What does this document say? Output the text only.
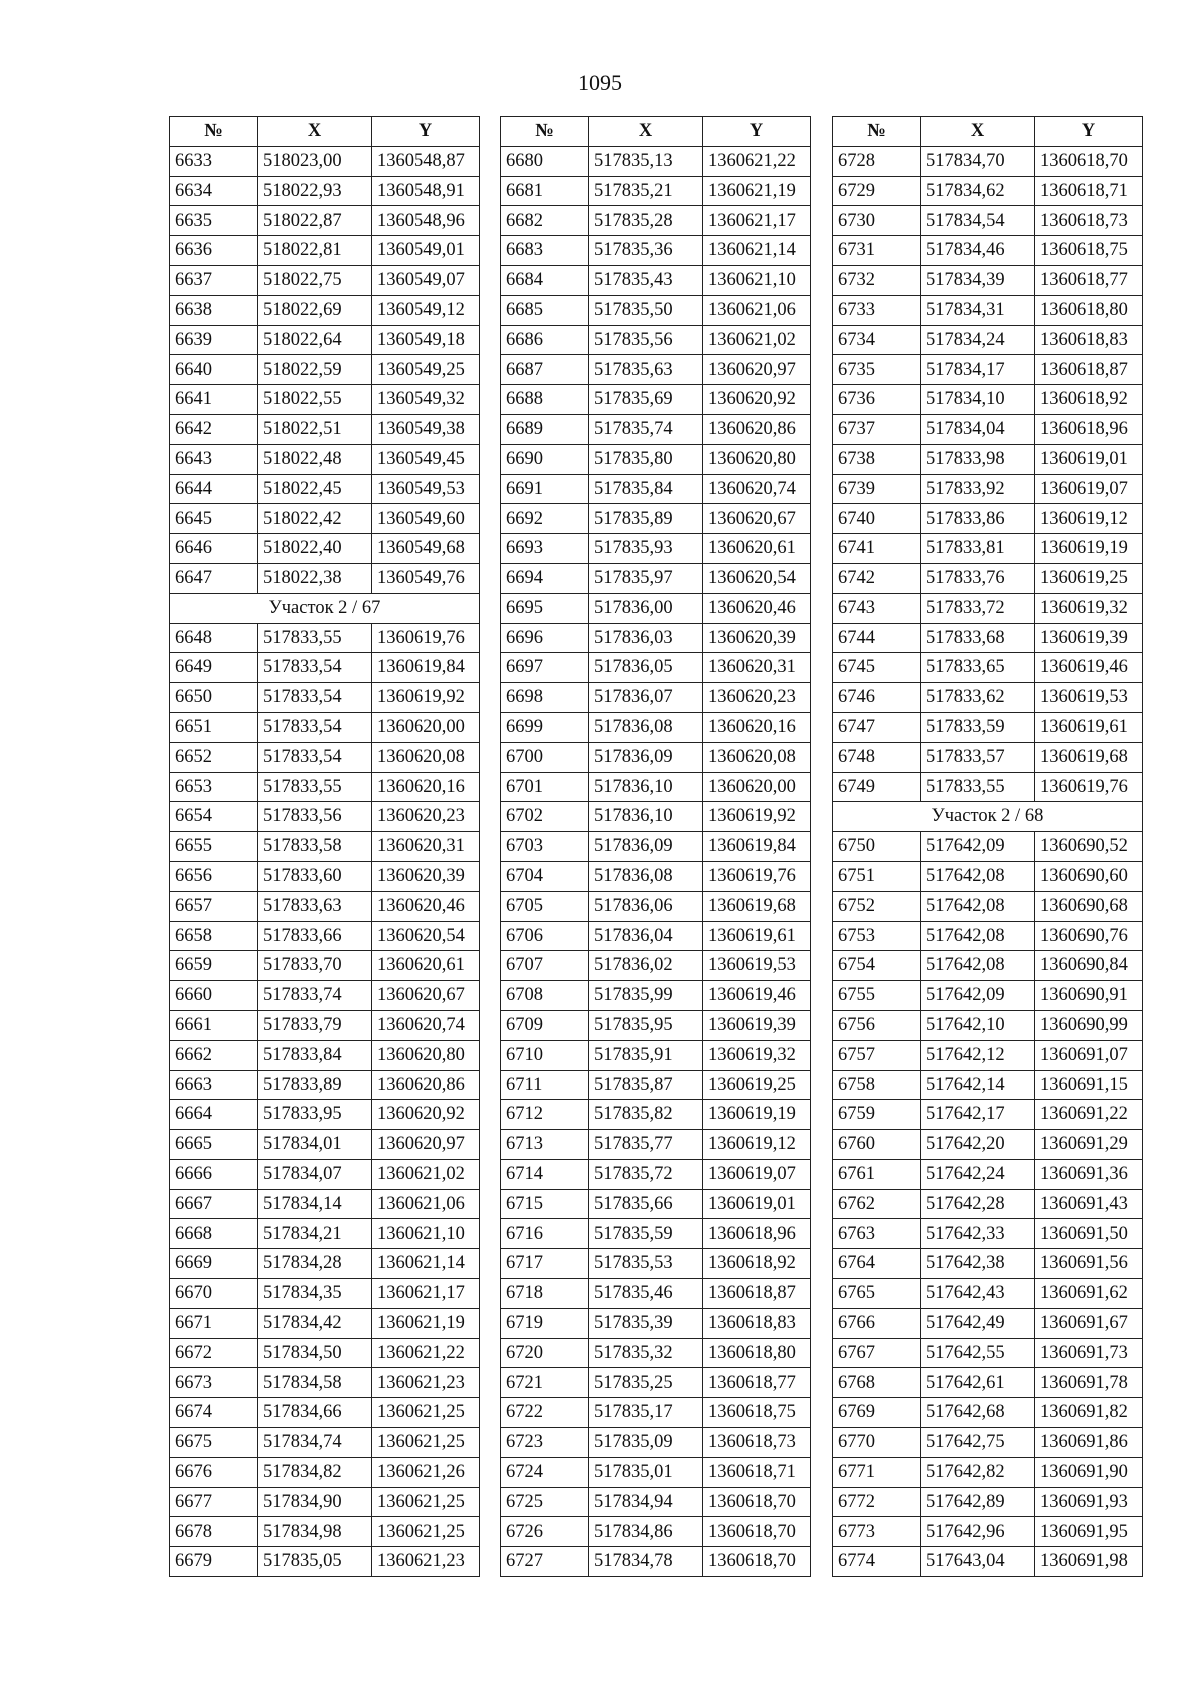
1095
№	X	Y
6633	518023,00	1360548,87
6634	518022,93	1360548,91
6635	518022,87	1360548,96
6636	518022,81	1360549,01
6637	518022,75	1360549,07
6638	518022,69	1360549,12
6639	518022,64	1360549,18
6640	518022,59	1360549,25
6641	518022,55	1360549,32
6642	518022,51	1360549,38
6643	518022,48	1360549,45
6644	518022,45	1360549,53
6645	518022,42	1360549,60
6646	518022,40	1360549,68
6647	518022,38	1360549,76
Участок 2 / 67		
6648	517833,55	1360619,76
6649	517833,54	1360619,84
6650	517833,54	1360619,92
6651	517833,54	1360620,00
6652	517833,54	1360620,08
6653	517833,55	1360620,16
6654	517833,56	1360620,23
6655	517833,58	1360620,31
6656	517833,60	1360620,39
6657	517833,63	1360620,46
6658	517833,66	1360620,54
6659	517833,70	1360620,61
6660	517833,74	1360620,67
6661	517833,79	1360620,74
6662	517833,84	1360620,80
6663	517833,89	1360620,86
6664	517833,95	1360620,92
6665	517834,01	1360620,97
6666	517834,07	1360621,02
6667	517834,14	1360621,06
6668	517834,21	1360621,10
6669	517834,28	1360621,14
6670	517834,35	1360621,17
6671	517834,42	1360621,19
6672	517834,50	1360621,22
6673	517834,58	1360621,23
6674	517834,66	1360621,25
6675	517834,74	1360621,25
6676	517834,82	1360621,26
6677	517834,90	1360621,25
6678	517834,98	1360621,25
6679	517835,05	1360621,23
№	X	Y
6680	517835,13	1360621,22
6681	517835,21	1360621,19
6682	517835,28	1360621,17
6683	517835,36	1360621,14
6684	517835,43	1360621,10
6685	517835,50	1360621,06
6686	517835,56	1360621,02
6687	517835,63	1360620,97
6688	517835,69	1360620,92
6689	517835,74	1360620,86
6690	517835,80	1360620,80
6691	517835,84	1360620,74
6692	517835,89	1360620,67
6693	517835,93	1360620,61
6694	517835,97	1360620,54
6695	517836,00	1360620,46
6696	517836,03	1360620,39
6697	517836,05	1360620,31
6698	517836,07	1360620,23
6699	517836,08	1360620,16
6700	517836,09	1360620,08
6701	517836,10	1360620,00
6702	517836,10	1360619,92
6703	517836,09	1360619,84
6704	517836,08	1360619,76
6705	517836,06	1360619,68
6706	517836,04	1360619,61
6707	517836,02	1360619,53
6708	517835,99	1360619,46
6709	517835,95	1360619,39
6710	517835,91	1360619,32
6711	517835,87	1360619,25
6712	517835,82	1360619,19
6713	517835,77	1360619,12
6714	517835,72	1360619,07
6715	517835,66	1360619,01
6716	517835,59	1360618,96
6717	517835,53	1360618,92
6718	517835,46	1360618,87
6719	517835,39	1360618,83
6720	517835,32	1360618,80
6721	517835,25	1360618,77
6722	517835,17	1360618,75
6723	517835,09	1360618,73
6724	517835,01	1360618,71
6725	517834,94	1360618,70
6726	517834,86	1360618,70
6727	517834,78	1360618,70
№	X	Y
6728	517834,70	1360618,70
6729	517834,62	1360618,71
6730	517834,54	1360618,73
6731	517834,46	1360618,75
6732	517834,39	1360618,77
6733	517834,31	1360618,80
6734	517834,24	1360618,83
6735	517834,17	1360618,87
6736	517834,10	1360618,92
6737	517834,04	1360618,96
6738	517833,98	1360619,01
6739	517833,92	1360619,07
6740	517833,86	1360619,12
6741	517833,81	1360619,19
6742	517833,76	1360619,25
6743	517833,72	1360619,32
6744	517833,68	1360619,39
6745	517833,65	1360619,46
6746	517833,62	1360619,53
6747	517833,59	1360619,61
6748	517833,57	1360619,68
6749	517833,55	1360619,76
Участок 2 / 68		
6750	517642,09	1360690,52
6751	517642,08	1360690,60
6752	517642,08	1360690,68
6753	517642,08	1360690,76
6754	517642,08	1360690,84
6755	517642,09	1360690,91
6756	517642,10	1360690,99
6757	517642,12	1360691,07
6758	517642,14	1360691,15
6759	517642,17	1360691,22
6760	517642,20	1360691,29
6761	517642,24	1360691,36
6762	517642,28	1360691,43
6763	517642,33	1360691,50
6764	517642,38	1360691,56
6765	517642,43	1360691,62
6766	517642,49	1360691,67
6767	517642,55	1360691,73
6768	517642,61	1360691,78
6769	517642,68	1360691,82
6770	517642,75	1360691,86
6771	517642,82	1360691,90
6772	517642,89	1360691,93
6773	517642,96	1360691,95
6774	517643,04	1360691,98
